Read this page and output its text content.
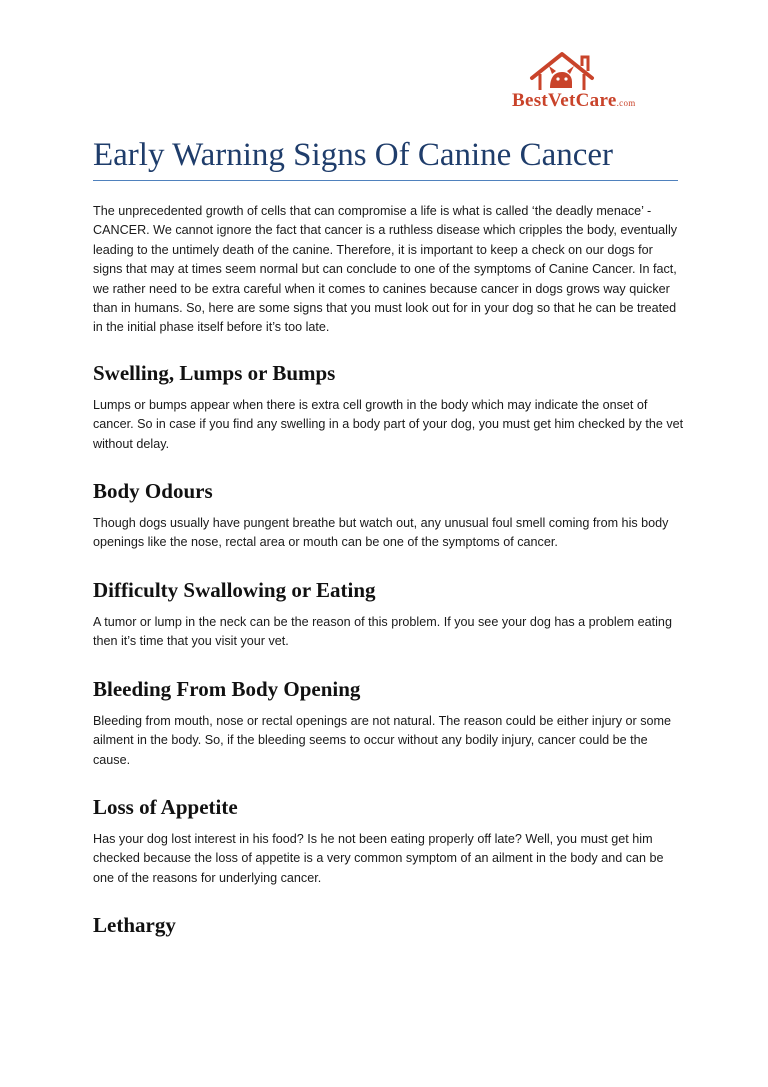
BestVetCare.com
Early Warning Signs Of Canine Cancer

The unprecedented growth of cells that can compromise a life is what is called ‘the deadly menace’ - CANCER. We cannot ignore the fact that cancer is a ruthless disease which cripples the body, eventually leading to the untimely death of the canine. Therefore, it is important to keep a check on our dogs for signs that may at times seem normal but can conclude to one of the symptoms of Canine Cancer. In fact, we rather need to be extra careful when it comes to canines because cancer in dogs grows way quicker than in humans. So, here are some signs that you must look out for in your dog so that he can be treated in the initial phase itself before it’s too late.

Swelling, Lumps or Bumps

Lumps or bumps appear when there is extra cell growth in the body which may indicate the onset of cancer. So in case if you find any swelling in a body part of your dog, you must get him checked by the vet without delay.

Body Odours

Though dogs usually have pungent breathe but watch out, any unusual foul smell coming from his body openings like the nose, rectal area or mouth can be one of the symptoms of cancer.

Difficulty Swallowing or Eating

A tumor or lump in the neck can be the reason of this problem. If you see your dog has a problem eating then it’s time that you visit your vet.

Bleeding From Body Opening

Bleeding from mouth, nose or rectal openings are not natural. The reason could be either injury or some ailment in the body. So, if the bleeding seems to occur without any bodily injury, cancer could be the cause.

Loss of Appetite

Has your dog lost interest in his food? Is he not been eating properly off late? Well, you must get him checked because the loss of appetite is a very common symptom of an ailment in the body and can be one of the reasons for underlying cancer.

Lethargy
